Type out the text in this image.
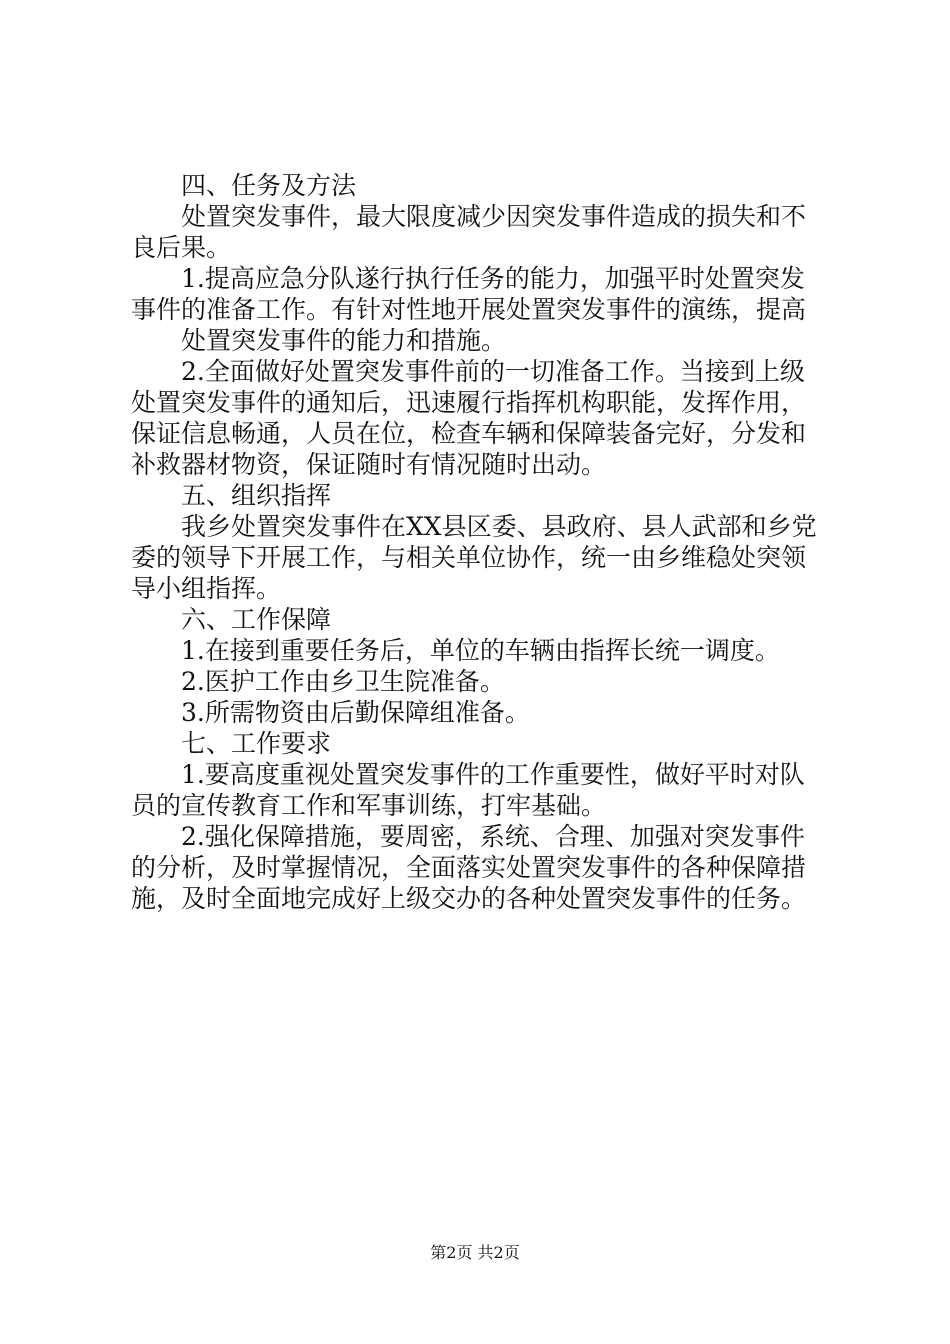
四、任务及方法
处置突发事件，最大限度减少因突发事件造成的损失和不
良后果。
1.提高应急分队遂行执行任务的能力，加强平时处置突发
事件的准备工作。有针对性地开展处置突发事件的演练，提高
处置突发事件的能力和措施。
2.全面做好处置突发事件前的一切准备工作。当接到上级
处置突发事件的通知后，迅速履行指挥机构职能，发挥作用，
保证信息畅通，人员在位，检查车辆和保障装备完好，分发和
补救器材物资，保证随时有情况随时出动。
五、组织指挥
我乡处置突发事件在XX县区委、县政府、县人武部和乡党
委的领导下开展工作，与相关单位协作，统一由乡维稳处突领
导小组指挥。
六、工作保障
1.在接到重要任务后，单位的车辆由指挥长统一调度。
2.医护工作由乡卫生院准备。
3.所需物资由后勤保障组准备。
七、工作要求
1.要高度重视处置突发事件的工作重要性，做好平时对队
员的宣传教育工作和军事训练，打牢基础。
2.强化保障措施，要周密，系统、合理、加强对突发事件
的分析，及时掌握情况，全面落实处置突发事件的各种保障措
施，及时全面地完成好上级交办的各种处置突发事件的任务。
第2页 共2页
